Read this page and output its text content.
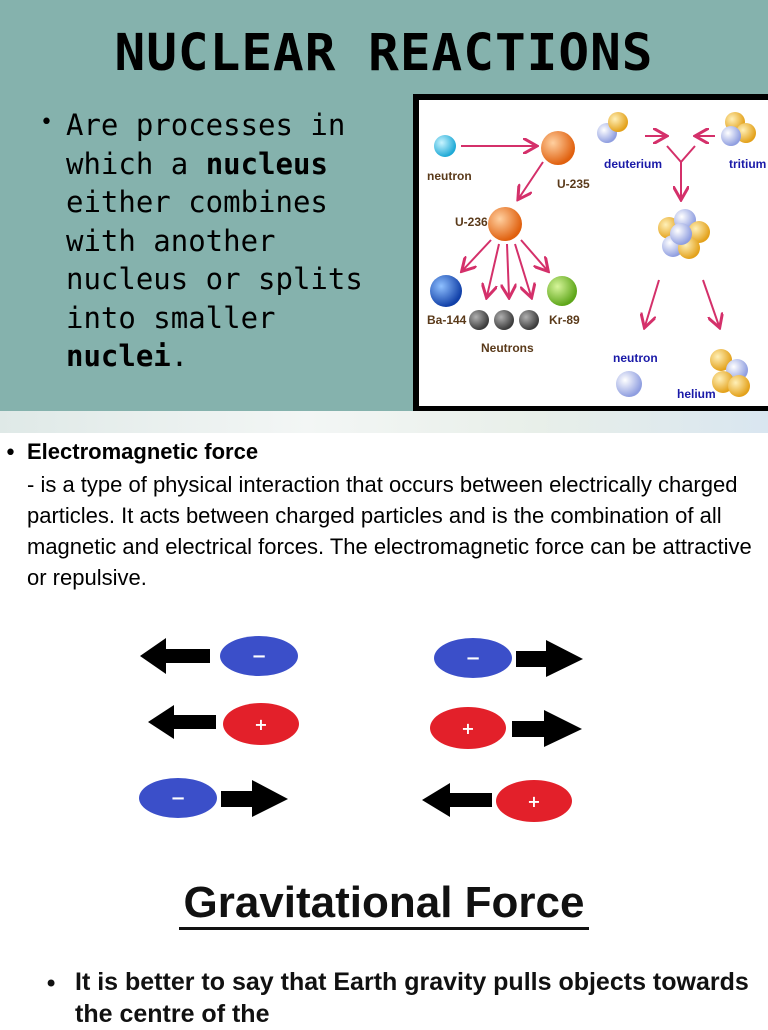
NUCLEAR REACTIONS
• Are processes in which a nucleus either combines with another nucleus or splits into smaller nuclei.
neutron
U-235
U-236
Ba-144
Neutrons
Kr-89
deuterium	tritium
neutron
helium
• Electromagnetic force
- is a type of physical interaction that occurs between electrically charged particles. It acts between charged particles and is the combination of all magnetic and electrical forces. The electromagnetic force can be attractive or repulsive.
−	−
+	+
−	+
Gravitational Force
• It is better to say that Earth gravity pulls objects towards the centre of the
